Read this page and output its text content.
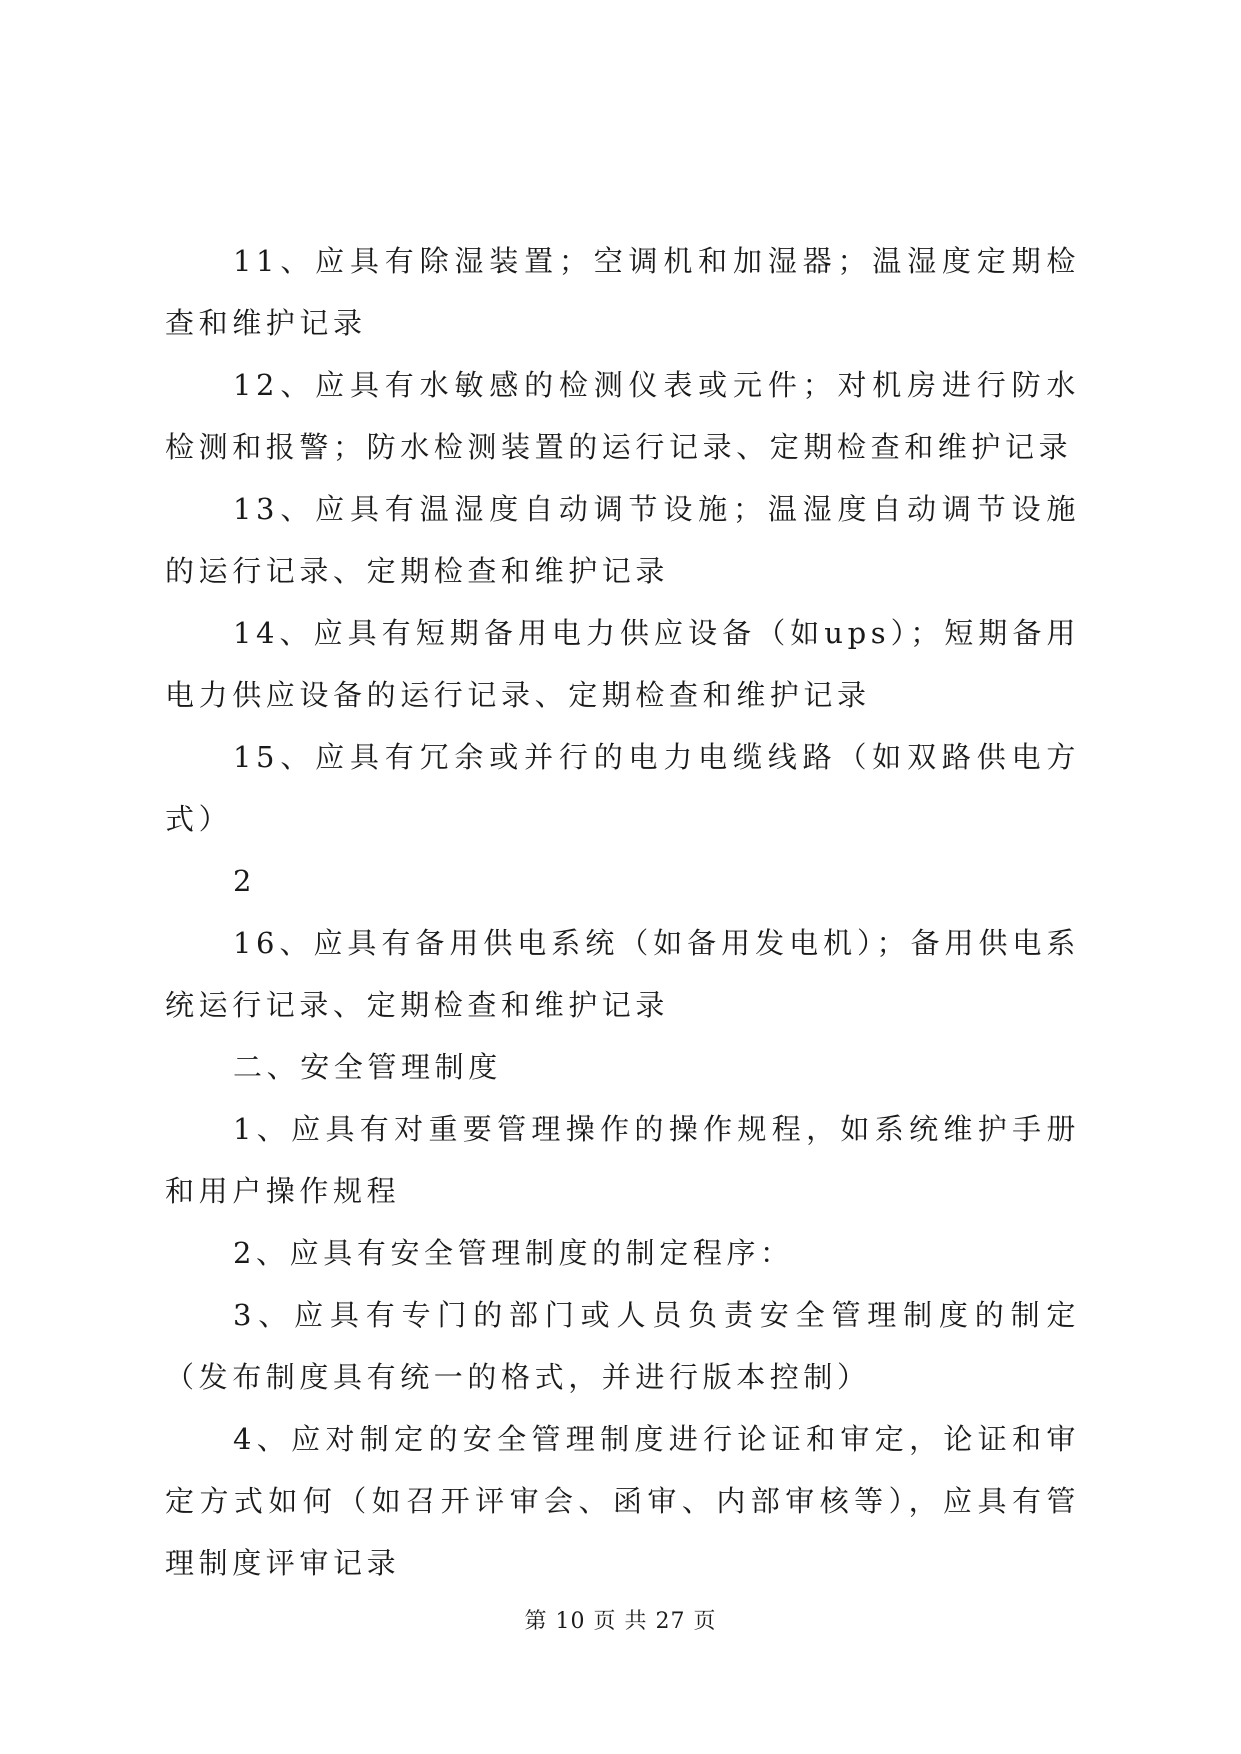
11、应具有除湿装置；空调机和加湿器；温湿度定期检查和维护记录

12、应具有水敏感的检测仪表或元件；对机房进行防水检测和报警；防水检测装置的运行记录、定期检查和维护记录

13、应具有温湿度自动调节设施；温湿度自动调节设施的运行记录、定期检查和维护记录

14、应具有短期备用电力供应设备（如ups）；短期备用电力供应设备的运行记录、定期检查和维护记录

15、应具有冗余或并行的电力电缆线路（如双路供电方式）

2

16、应具有备用供电系统（如备用发电机）；备用供电系统运行记录、定期检查和维护记录

二、安全管理制度

1、应具有对重要管理操作的操作规程，如系统维护手册和用户操作规程

2、应具有安全管理制度的制定程序：

3、应具有专门的部门或人员负责安全管理制度的制定（发布制度具有统一的格式，并进行版本控制）

4、应对制定的安全管理制度进行论证和审定，论证和审定方式如何（如召开评审会、函审、内部审核等），应具有管理制度评审记录

第 10 页 共 27 页
